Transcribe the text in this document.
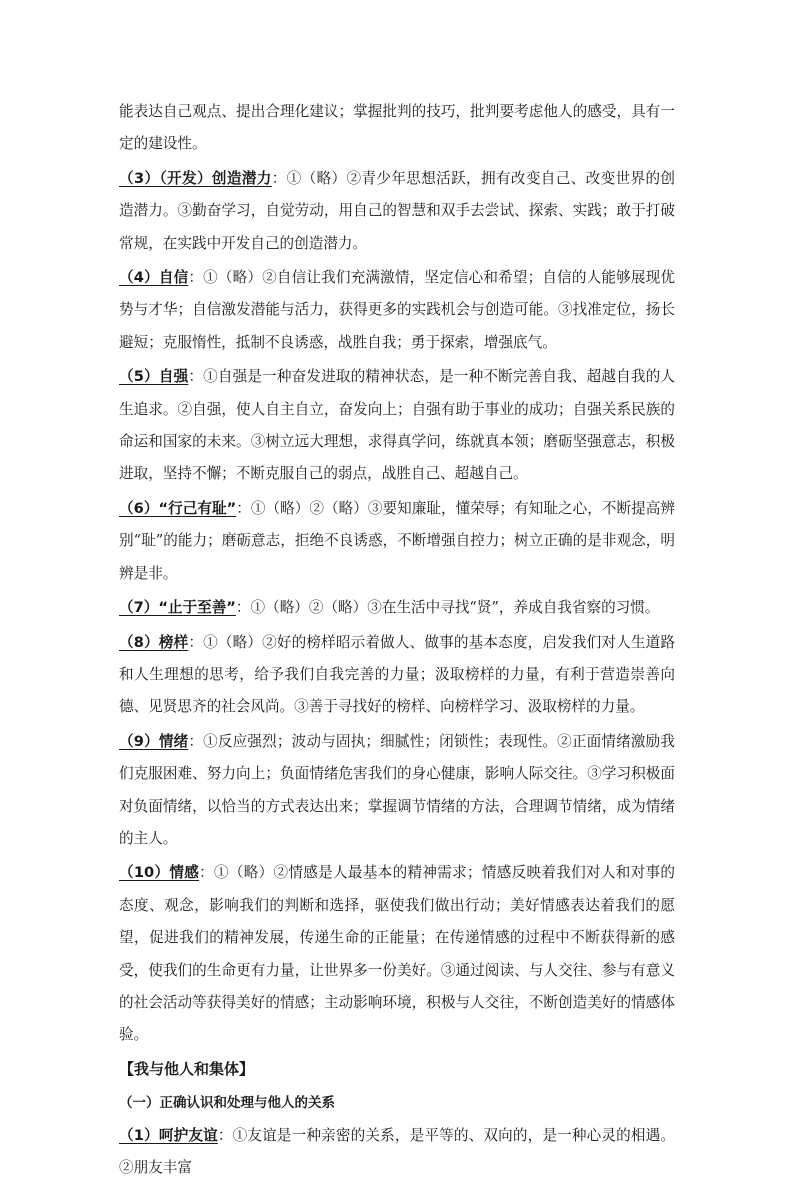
能表达自己观点、提出合理化建议；掌握批判的技巧，批判要考虑他人的感受，具有一定的建设性。

（3）（开发）创造潜力：①（略）②青少年思想活跃，拥有改变自己、改变世界的创造潜力。③勤奋学习，自觉劳动，用自己的智慧和双手去尝试、探索、实践；敢于打破常规，在实践中开发自己的创造潜力。

（4）自信：①（略）②自信让我们充满激情，坚定信心和希望；自信的人能够展现优势与才华；自信激发潜能与活力，获得更多的实践机会与创造可能。③找准定位，扬长避短；克服惰性，抵制不良诱惑，战胜自我；勇于探索，增强底气。

（5）自强：①自强是一种奋发进取的精神状态，是一种不断完善自我、超越自我的人生追求。②自强，使人自主自立，奋发向上；自强有助于事业的成功；自强关系民族的命运和国家的未来。③树立远大理想，求得真学问，练就真本领；磨砺坚强意志，积极进取，坚持不懈；不断克服自己的弱点，战胜自己、超越自己。

（6）“行己有耻”：①（略）②（略）③要知廉耻，懂荣辱；有知耻之心，不断提高辨别“耻”的能力；磨砺意志，拒绝不良诱惑，不断增强自控力；树立正确的是非观念，明辨是非。

（7）“止于至善”：①（略）②（略）③在生活中寻找“贤”，养成自我省察的习惯。

（8）榜样：①（略）②好的榜样昭示着做人、做事的基本态度，启发我们对人生道路和人生理想的思考，给予我们自我完善的力量；汲取榜样的力量，有利于营造崇善向德、见贤思齐的社会风尚。③善于寻找好的榜样、向榜样学习、汲取榜样的力量。

（9）情绪：①反应强烈；波动与固执；细腻性；闭锁性；表现性。②正面情绪激励我们克服困难、努力向上；负面情绪危害我们的身心健康，影响人际交往。③学习积极面对负面情绪，以恰当的方式表达出来；掌握调节情绪的方法，合理调节情绪，成为情绪的主人。

（10）情感：①（略）②情感是人最基本的精神需求；情感反映着我们对人和对事的态度、观念，影响我们的判断和选择，驱使我们做出行动；美好情感表达着我们的愿望，促进我们的精神发展，传递生命的正能量；在传递情感的过程中不断获得新的感受，使我们的生命更有力量，让世界多一份美好。③通过阅读、与人交往、参与有意义的社会活动等获得美好的情感；主动影响环境，积极与人交往，不断创造美好的情感体验。

【我与他人和集体】
（一）正确认识和处理与他人的关系

（1）呵护友谊：①友谊是一种亲密的关系，是平等的、双向的，是一种心灵的相遇。②朋友丰富
